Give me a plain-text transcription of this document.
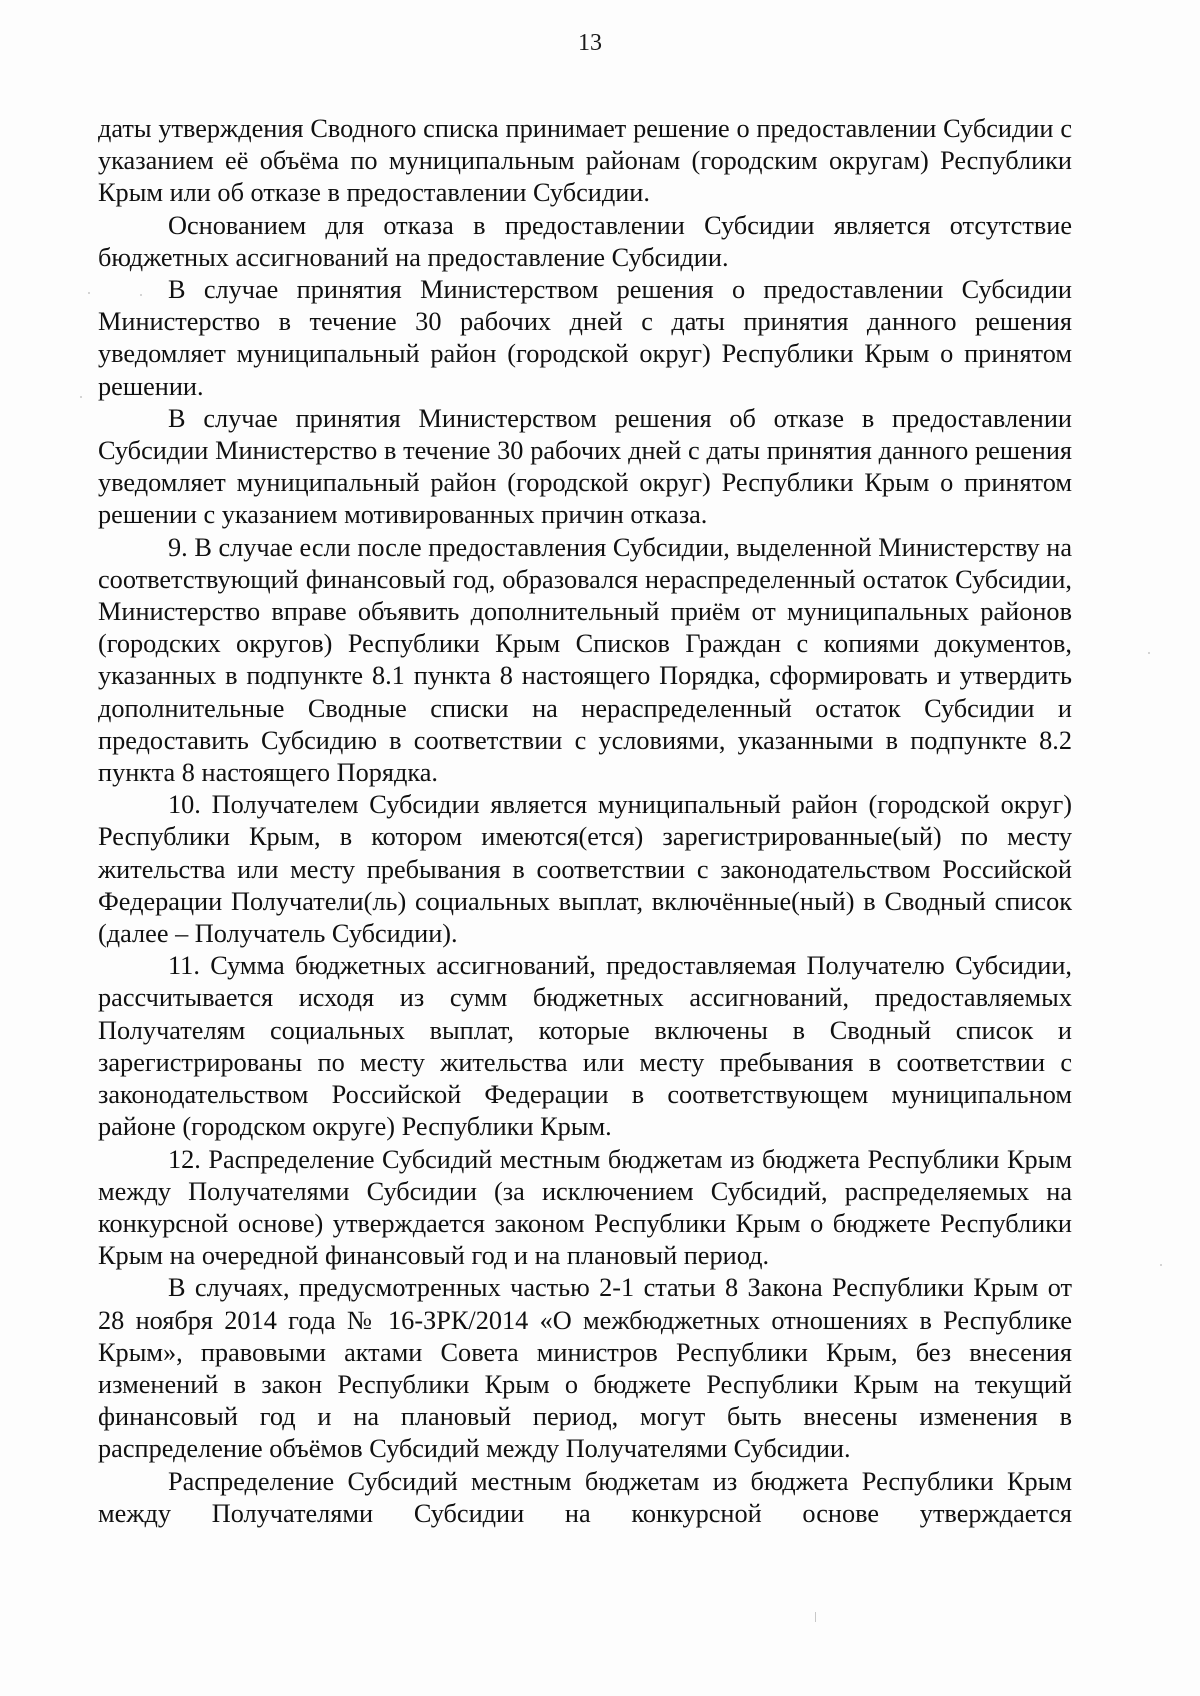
13

даты утверждения Сводного списка принимает решение о предоставлении Субсидии с указанием её объёма по муниципальным районам (городским округам) Республики Крым или об отказе в предоставлении Субсидии.

Основанием для отказа в предоставлении Субсидии является отсутствие бюджетных ассигнований на предоставление Субсидии.

В случае принятия Министерством решения о предоставлении Субсидии Министерство в течение 30 рабочих дней с даты принятия данного решения уведомляет муниципальный район (городской округ) Республики Крым о принятом решении.

В случае принятия Министерством решения об отказе в предоставлении Субсидии Министерство в течение 30 рабочих дней с даты принятия данного решения уведомляет муниципальный район (городской округ) Республики Крым о принятом решении с указанием мотивированных причин отказа.

9. В случае если после предоставления Субсидии, выделенной Министерству на соответствующий финансовый год, образовался нераспределенный остаток Субсидии, Министерство вправе объявить дополнительный приём от муниципальных районов (городских округов) Республики Крым Списков Граждан с копиями документов, указанных в подпункте 8.1 пункта 8 настоящего Порядка, сформировать и утвердить дополнительные Сводные списки на нераспределенный остаток Субсидии и предоставить Субсидию в соответствии с условиями, указанными в подпункте 8.2 пункта 8 настоящего Порядка.

10. Получателем Субсидии является муниципальный район (городской округ) Республики Крым, в котором имеются(ется) зарегистрированные(ый) по месту жительства или месту пребывания в соответствии с законодательством Российской Федерации Получатели(ль) социальных выплат, включённые(ный) в Сводный список (далее – Получатель Субсидии).

11. Сумма бюджетных ассигнований, предоставляемая Получателю Субсидии, рассчитывается исходя из сумм бюджетных ассигнований, предоставляемых Получателям социальных выплат, которые включены в Сводный список и зарегистрированы по месту жительства или месту пребывания в соответствии с законодательством Российской Федерации в соответствующем муниципальном районе (городском округе) Республики Крым.

12. Распределение Субсидий местным бюджетам из бюджета Республики Крым между Получателями Субсидии (за исключением Субсидий, распределяемых на конкурсной основе) утверждается законом Республики Крым о бюджете Республики Крым на очередной финансовый год и на плановый период.

В случаях, предусмотренных частью 2-1 статьи 8 Закона Республики Крым от 28 ноября 2014 года № 16-ЗРК/2014 «О межбюджетных отношениях в Республике Крым», правовыми актами Совета министров Республики Крым, без внесения изменений в закон Республики Крым о бюджете Республики Крым на текущий финансовый год и на плановый период, могут быть внесены изменения в распределение объёмов Субсидий между Получателями Субсидии.

Распределение Субсидий местным бюджетам из бюджета Республики Крым между Получателями Субсидии на конкурсной основе утверждается
